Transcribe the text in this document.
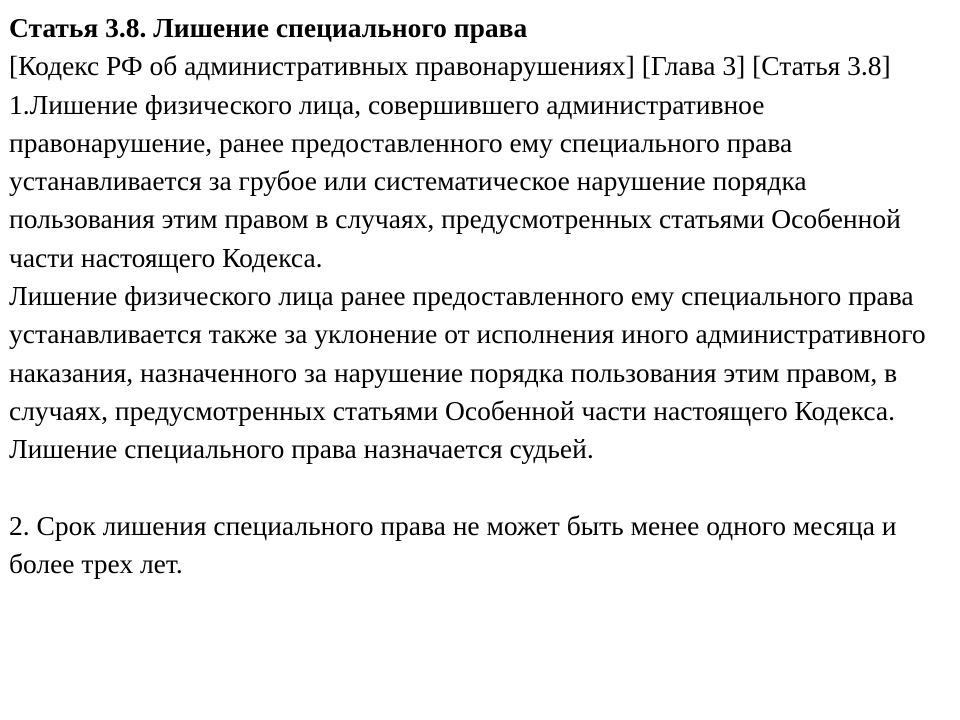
Статья 3.8. Лишение специального права

[Кодекс РФ об административных правонарушениях] [Глава 3] [Статья 3.8]

1.Лишение физического лица, совершившего административное правонарушение, ранее предоставленного ему специального права устанавливается за грубое или систематическое нарушение порядка пользования этим правом в случаях, предусмотренных статьями Особенной части настоящего Кодекса.

Лишение физического лица ранее предоставленного ему специального права устанавливается также за уклонение от исполнения иного административного наказания, назначенного за нарушение порядка пользования этим правом, в случаях, предусмотренных статьями Особенной части настоящего Кодекса.

Лишение специального права назначается судьей.

2. Срок лишения специального права не может быть менее одного месяца и более трех лет.
